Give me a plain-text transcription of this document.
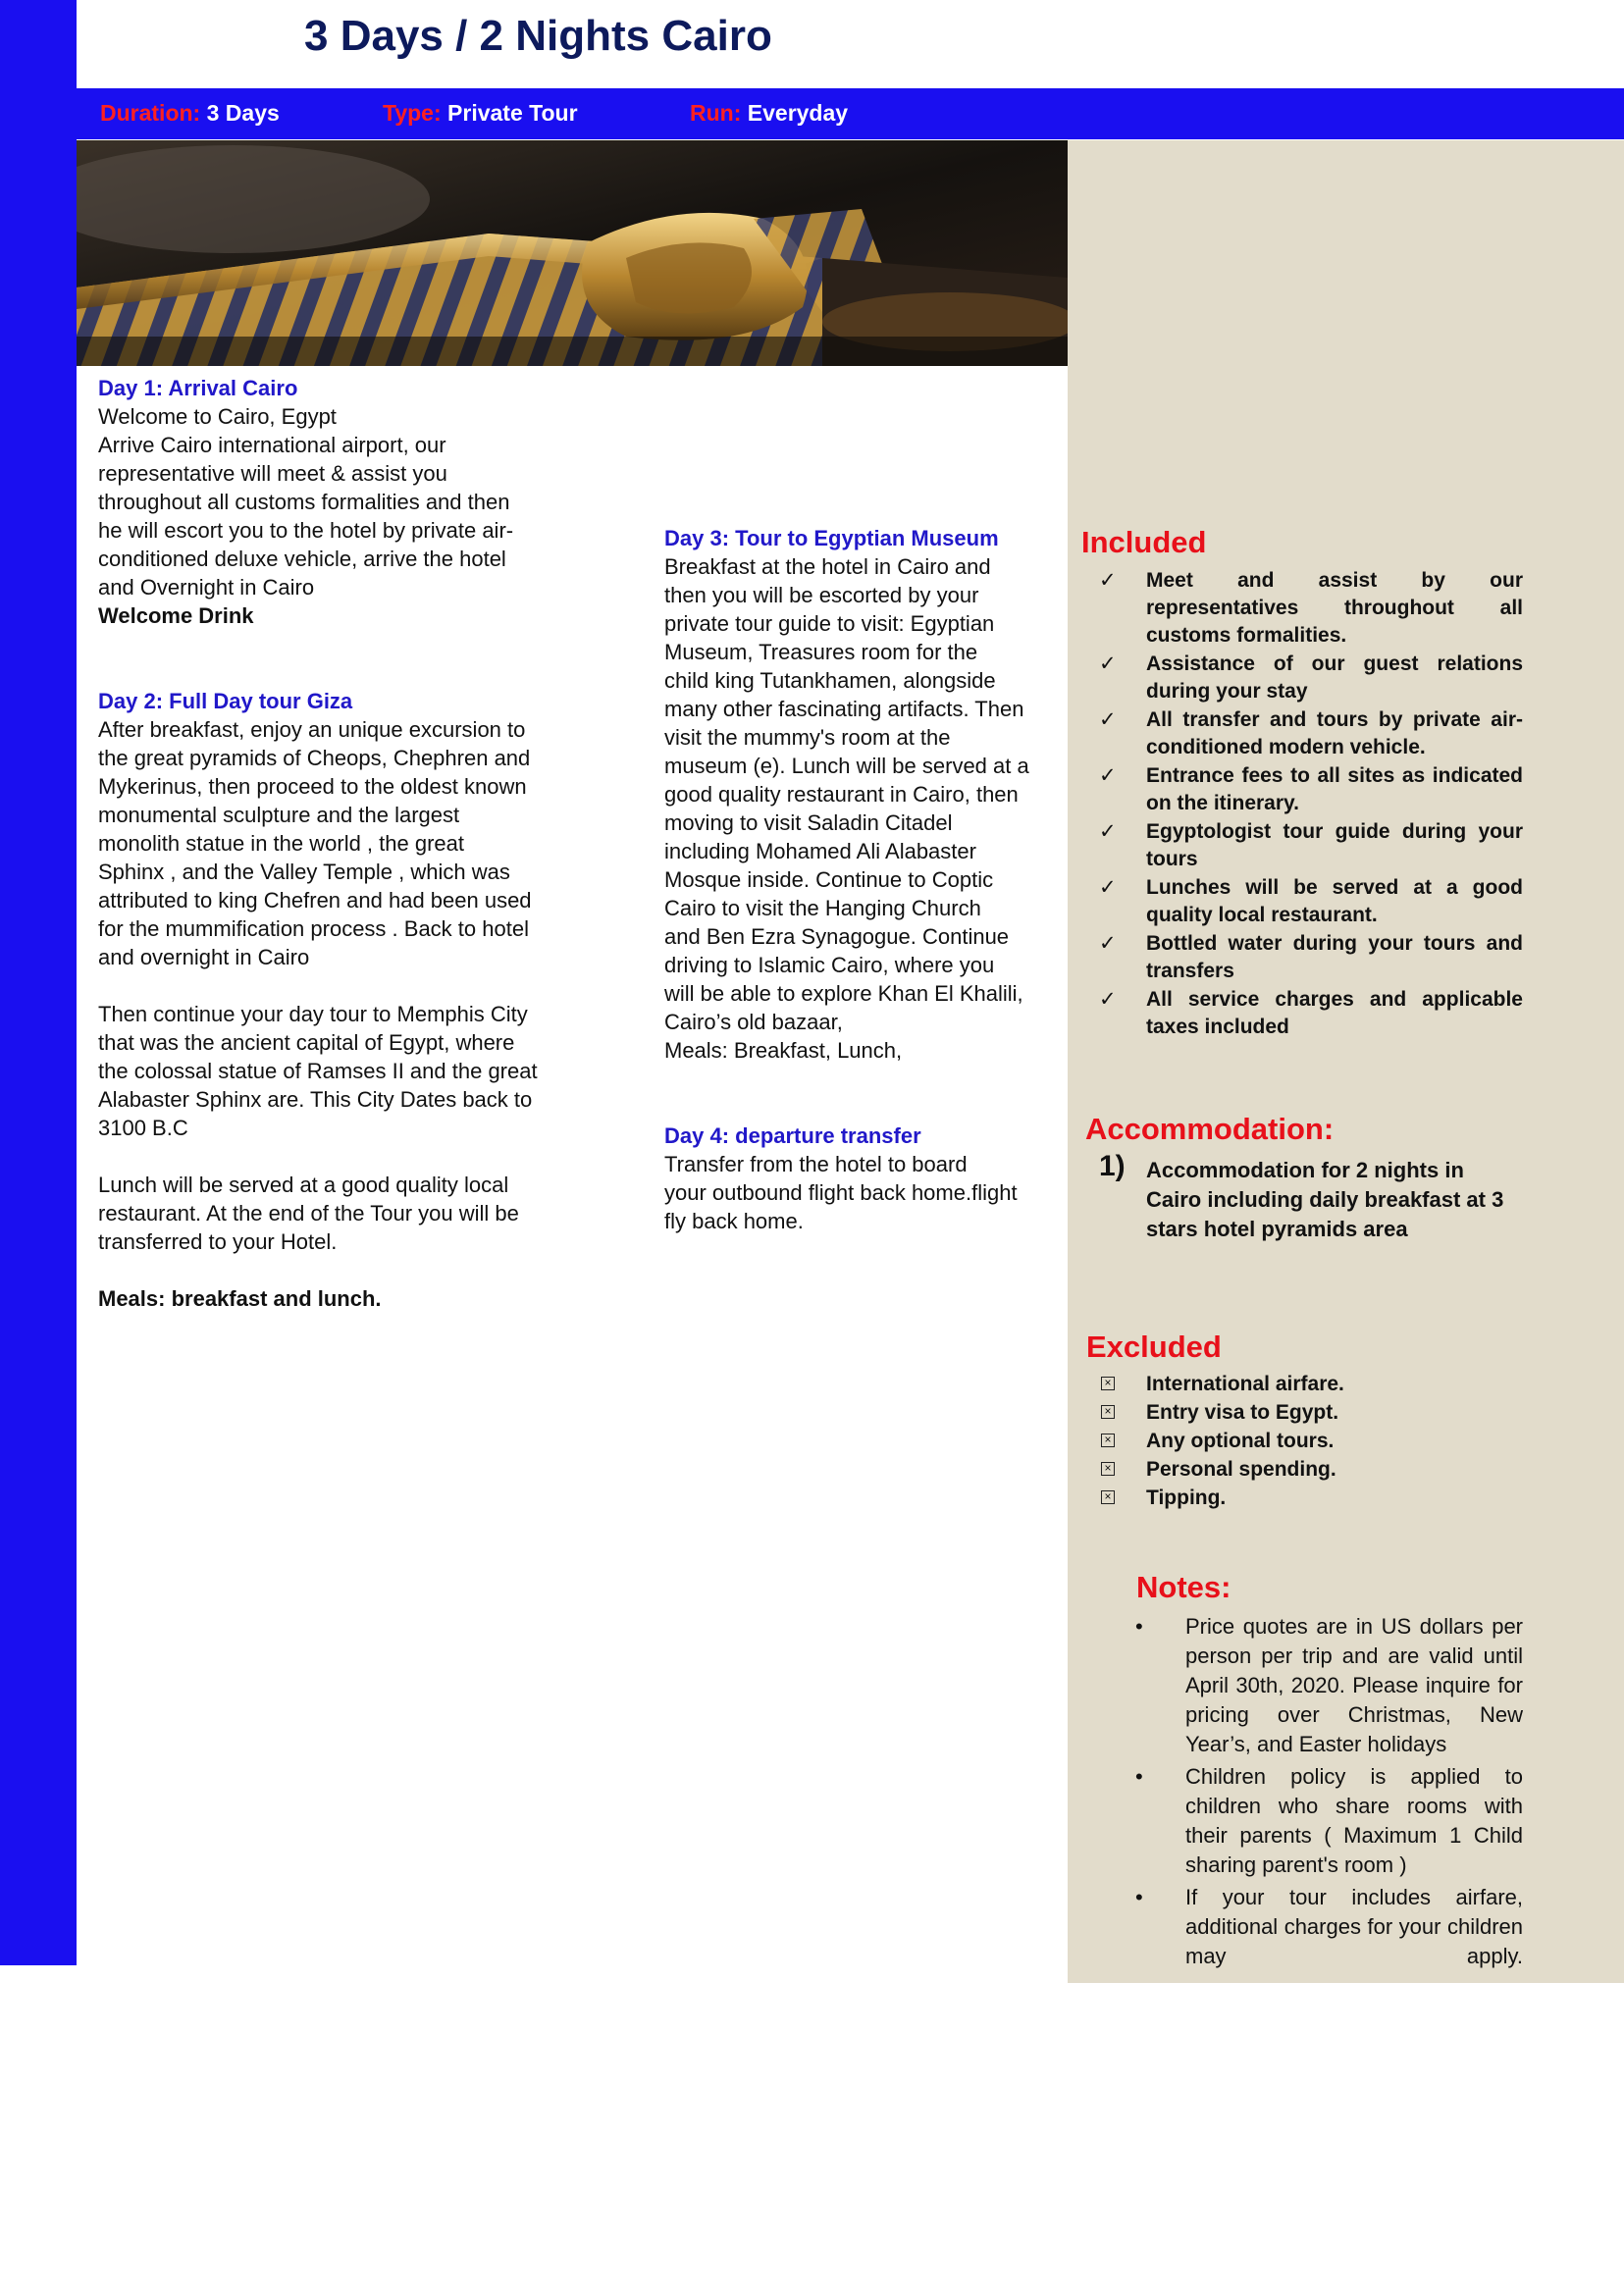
3 Days / 2 Nights Cairo
Duration: 3 Days	Type: Private Tour	Run: Everyday

Day 1: Arrival Cairo

Welcome to Cairo, Egypt

Arrive Cairo international airport, our

representative will meet & assist you

throughout all customs formalities and then

he will escort you to the hotel by private air-

conditioned deluxe vehicle, arrive the hotel

and Overnight in Cairo

Welcome Drink

Day 2: Full Day tour Giza

After breakfast, enjoy an unique excursion to

the great pyramids of Cheops, Chephren and

Mykerinus, then proceed to the oldest known

monumental sculpture and the largest

monolith statue in the world , the great

Sphinx , and the Valley Temple , which was

attributed to king Chefren and had been used

for the mummification process . Back to hotel

and overnight in Cairo

Then continue your day tour to Memphis City

that was the ancient capital of Egypt, where

the colossal statue of Ramses II and the great

Alabaster Sphinx are. This City Dates back to

3100 B.C

Lunch will be served at a good quality local

restaurant. At the end of the Tour you will be

transferred to your Hotel.

Meals: breakfast and lunch.

Day 3: Tour to Egyptian Museum

Breakfast at the hotel in Cairo and

then you will be escorted by your

private tour guide to visit: Egyptian

Museum, Treasures room for the

child king Tutankhamen, alongside

many other fascinating artifacts. Then

visit the mummy's room at the

museum (e). Lunch will be served at a

good quality restaurant in Cairo, then

moving to visit Saladin Citadel

including Mohamed Ali Alabaster

Mosque inside. Continue to Coptic

Cairo to visit the Hanging Church

and Ben Ezra Synagogue. Continue

driving to Islamic Cairo, where you

will be able to explore Khan El Khalili,

Cairo’s old bazaar,

Meals: Breakfast, Lunch,

Day 4: departure transfer

Transfer from the hotel to board

your outbound flight back home.flight

fly back home.

Included
✓ Meet and assist by our representatives throughout all customs formalities.
✓ Assistance of our guest relations during your stay
✓ All transfer and tours by private air-conditioned modern vehicle.
✓ Entrance fees to all sites as indicated on the itinerary.
✓ Egyptologist tour guide during your tours
✓ Lunches will be served at a good quality local restaurant.
✓ Bottled water during your tours and transfers
✓ All service charges and applicable taxes included
Accommodation:
1) Accommodation for 2 nights in Cairo including daily breakfast at 3 stars hotel pyramids area
Excluded
× International airfare.
× Entry visa to Egypt.
× Any optional tours.
× Personal spending.
× Tipping.
Notes:
• Price quotes are in US dollars per person per trip and are valid until April 30th, 2020. Please inquire for pricing over Christmas, New Year’s, and Easter holidays
• Children policy is applied to children who share rooms with their parents ( Maximum 1 Child sharing parent's room )
• If your tour includes airfare, additional charges for your children may apply.
